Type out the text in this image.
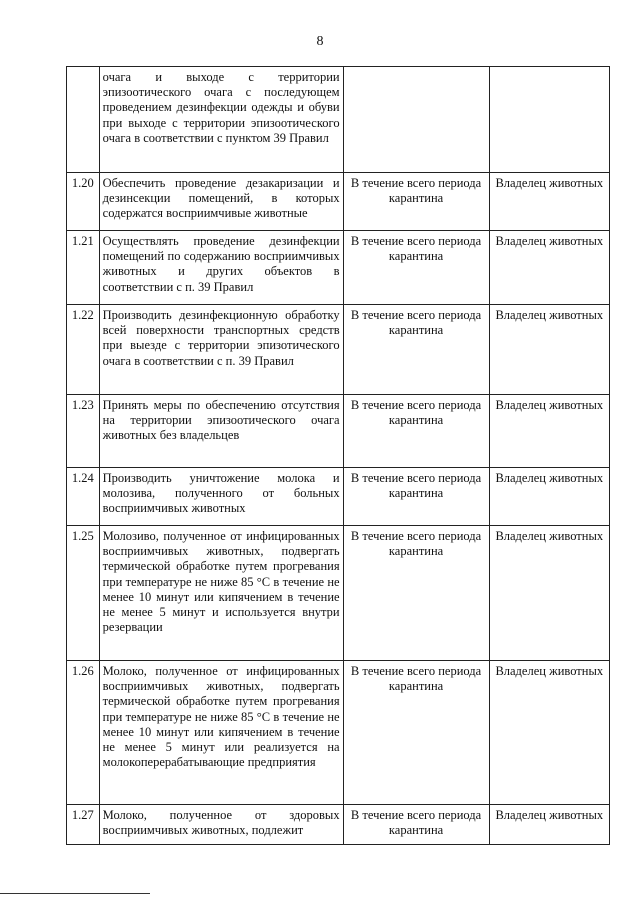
8
	очага и выходе с территории эпизоотического очага с последующем проведением дезинфекции одежды и обуви при выходе с территории эпизоотического очага в соответствии с пунктом 39 Правил		
1.20	Обеспечить проведение дезакаризации и дезинсекции помещений, в которых содержатся восприимчивые животные	В течение всего периода карантина	Владелец животных
1.21	Осуществлять проведение дезинфекции помещений по содержанию восприимчивых животных и других объектов в соответствии с п. 39 Правил	В течение всего периода карантина	Владелец животных
1.22	Производить дезинфекционную обработку всей поверхности транспортных средств при выезде с территории эпизотического очага в соответствии с п. 39 Правил	В течение всего периода карантина	Владелец животных
1.23	Принять меры по обеспечению отсутствия на территории эпизоотического очага животных без владельцев	В течение всего периода карантина	Владелец животных
1.24	Производить уничтожение молока и молозива, полученного от больных восприимчивых животных	В течение всего периода карантина	Владелец животных
1.25	Молозиво, полученное от инфицированных восприимчивых животных, подвергать термической обработке путем прогревания при температуре не ниже 85 °С в течение не менее 10 минут или кипячением в течение не менее 5 минут и используется внутри резервации	В течение всего периода карантина	Владелец животных
1.26	Молоко, полученное от инфицированных восприимчивых животных, подвергать термической обработке путем прогревания при температуре не ниже 85 °С в течение не менее 10 минут или кипячением в течение не менее 5 минут или реализуется на молокоперерабатывающие предприятия	В течение всего периода карантина	Владелец животных
1.27	Молоко, полученное от здоровых восприимчивых животных, подлежит	В течение всего периода карантина	Владелец животных
